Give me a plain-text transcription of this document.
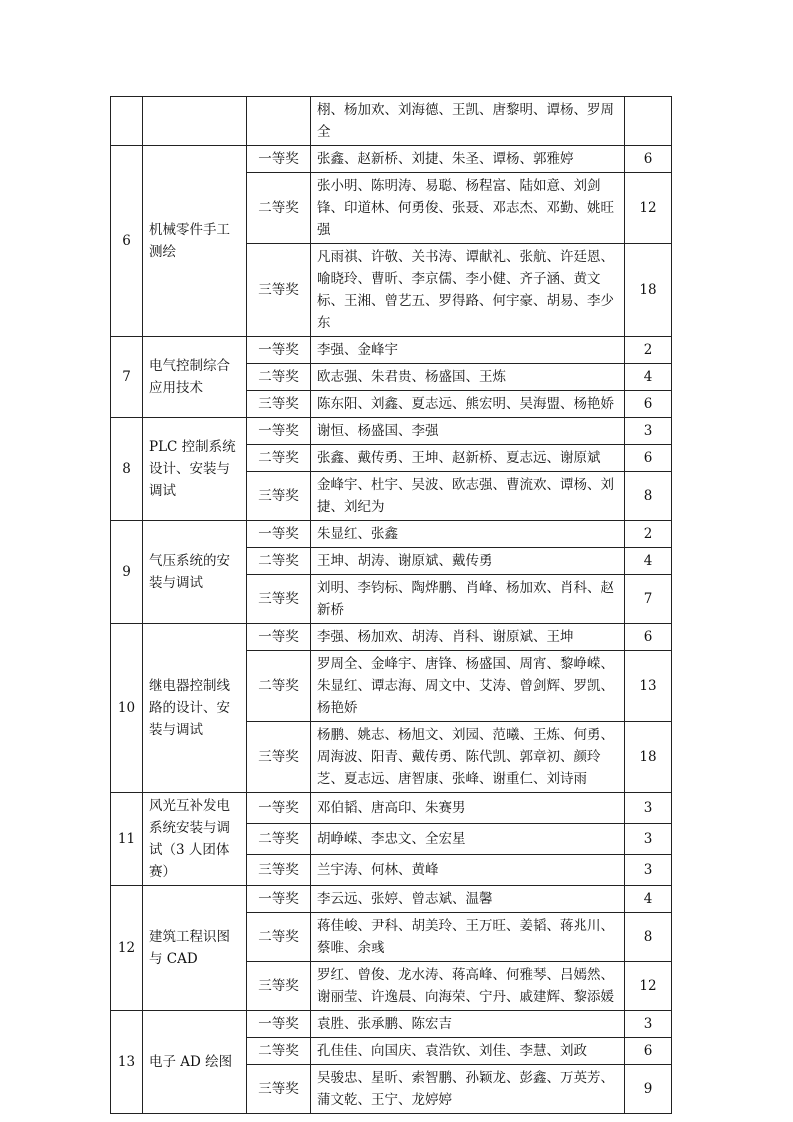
			栩、杨加欢、刘海德、王凯、唐黎明、谭杨、罗周全	
6	机械零件手工测绘	一等奖	张鑫、赵新桥、刘捷、朱圣、谭杨、郭雅婷	6
		二等奖	张小明、陈明涛、易聪、杨程富、陆如意、刘剑锋、印道林、何勇俊、张聂、邓志杰、邓勤、姚旺强	12
		三等奖	凡雨祺、许敬、关书涛、谭献礼、张航、许廷恩、喻晓玲、曹昕、李京儒、李小健、齐子涵、黄文标、王湘、曾艺五、罗得路、何宇豪、胡易、李少东	18
7	电气控制综合应用技术	一等奖	李强、金峰宇	2
		二等奖	欧志强、朱君贵、杨盛国、王炼	4
		三等奖	陈东阳、刘鑫、夏志远、熊宏明、吴海盟、杨艳娇	6
8	PLC 控制系统设计、安装与调试	一等奖	谢恒、杨盛国、李强	3
		二等奖	张鑫、戴传勇、王坤、赵新桥、夏志远、谢原斌	6
		三等奖	金峰宇、杜宇、吴波、欧志强、曹流欢、谭杨、刘捷、刘纪为	8
9	气压系统的安装与调试	一等奖	朱显红、张鑫	2
		二等奖	王坤、胡涛、谢原斌、戴传勇	4
		三等奖	刘明、李钧标、陶烨鹏、肖峰、杨加欢、肖科、赵新桥	7
10	继电器控制线路的设计、安装与调试	一等奖	李强、杨加欢、胡涛、肖科、谢原斌、王坤	6
		二等奖	罗周全、金峰宇、唐锋、杨盛国、周宵、黎峥嵘、朱显红、谭志海、周文中、艾涛、曾剑辉、罗凯、杨艳娇	13
		三等奖	杨鹏、姚志、杨旭文、刘园、范曦、王炼、何勇、周海波、阳青、戴传勇、陈代凯、郭章初、颜玲芝、夏志远、唐智康、张峰、谢重仁、刘诗雨	18
11	风光互补发电系统安装与调试（3 人团体赛）	一等奖	邓伯韬、唐高印、朱赛男	3
		二等奖	胡峥嵘、李忠文、全宏星	3
		三等奖	兰宇涛、何林、黄峰	3
12	建筑工程识图与 CAD	一等奖	李云远、张婷、曾志斌、温馨	4
		二等奖	蒋佳峻、尹科、胡美玲、王万旺、姜韬、蒋兆川、蔡唯、余彧	8
		三等奖	罗红、曾俊、龙水涛、蒋高峰、何雅琴、吕嫣然、谢丽莹、许逸晨、向海荣、宁丹、戚建辉、黎添媛	12
13	电子 AD 绘图	一等奖	袁胜、张承鹏、陈宏吉	3
		二等奖	孔佳佳、向国庆、袁浩钦、刘佳、李慧、刘政	6
		三等奖	吴骏忠、星昕、索智鹏、孙颖龙、彭鑫、万英芳、蒲文乾、王宁、龙婷婷	9
